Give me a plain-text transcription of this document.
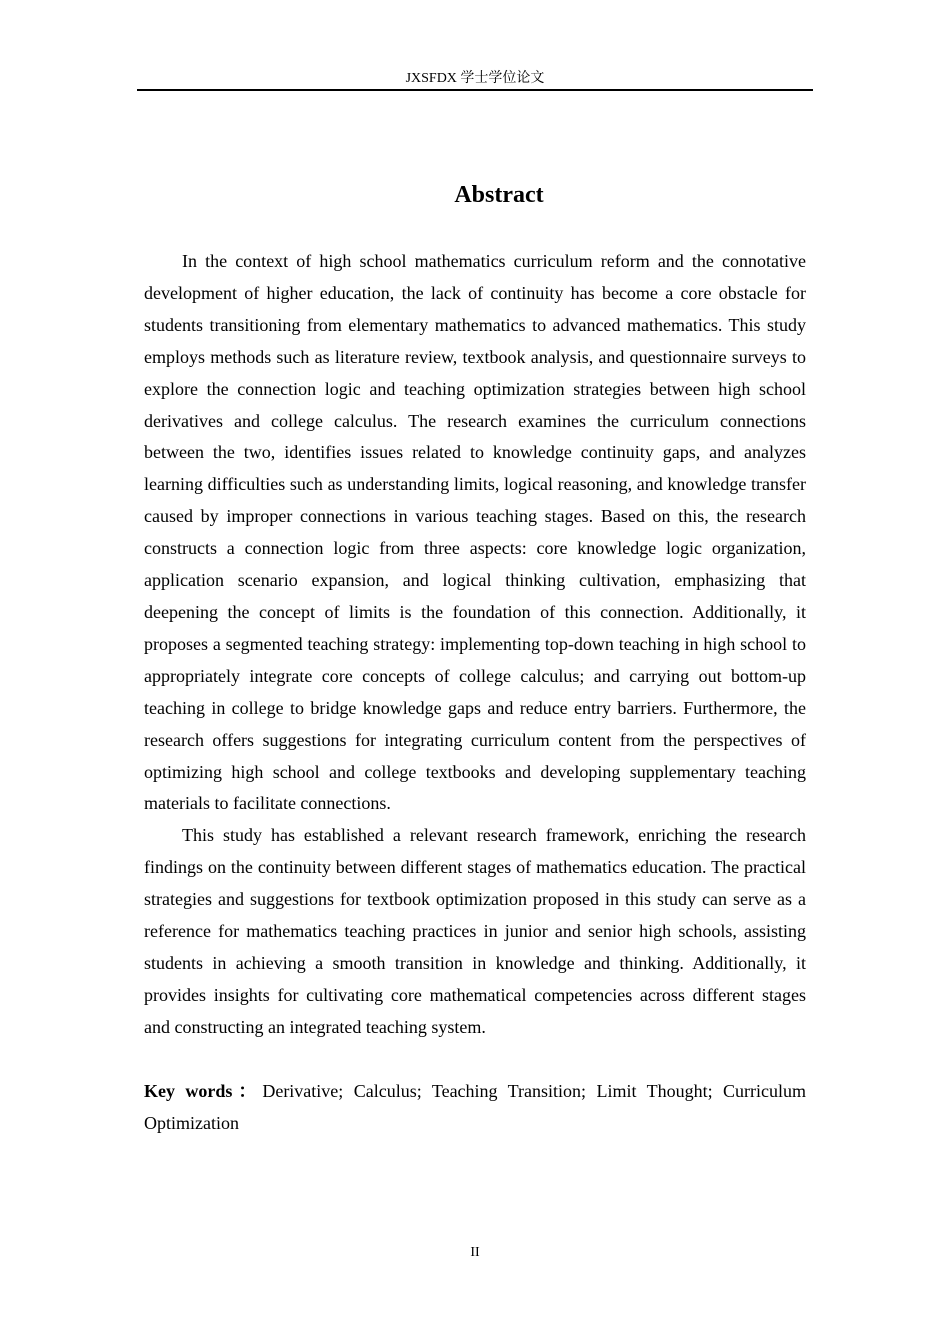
JXSFDX 学士学位论文
Abstract

In the context of high school mathematics curriculum reform and the connotative development of higher education, the lack of continuity has become a core obstacle for students transitioning from elementary mathematics to advanced mathematics. This study employs methods such as literature review, textbook analysis, and questionnaire surveys to explore the connection logic and teaching optimization strategies between high school derivatives and college calculus. The research examines the curriculum connections between the two, identifies issues related to knowledge continuity gaps, and analyzes learning difficulties such as understanding limits, logical reasoning, and knowledge transfer caused by improper connections in various teaching stages. Based on this, the research constructs a connection logic from three aspects: core knowledge logic organization, application scenario expansion, and logical thinking cultivation, emphasizing that deepening the concept of limits is the foundation of this connection. Additionally, it proposes a segmented teaching strategy: implementing top-down teaching in high school to appropriately integrate core concepts of college calculus; and carrying out bottom-up teaching in college to bridge knowledge gaps and reduce entry barriers. Furthermore, the research offers suggestions for integrating curriculum content from the perspectives of optimizing high school and college textbooks and developing supplementary teaching materials to facilitate connections.

This study has established a relevant research framework, enriching the research findings on the continuity between different stages of mathematics education. The practical strategies and suggestions for textbook optimization proposed in this study can serve as a reference for mathematics teaching practices in junior and senior high schools, assisting students in achieving a smooth transition in knowledge and thinking. Additionally, it provides insights for cultivating core mathematical competencies across different stages and constructing an integrated teaching system.

Key words：Derivative; Calculus; Teaching Transition; Limit Thought; Curriculum Optimization

II
